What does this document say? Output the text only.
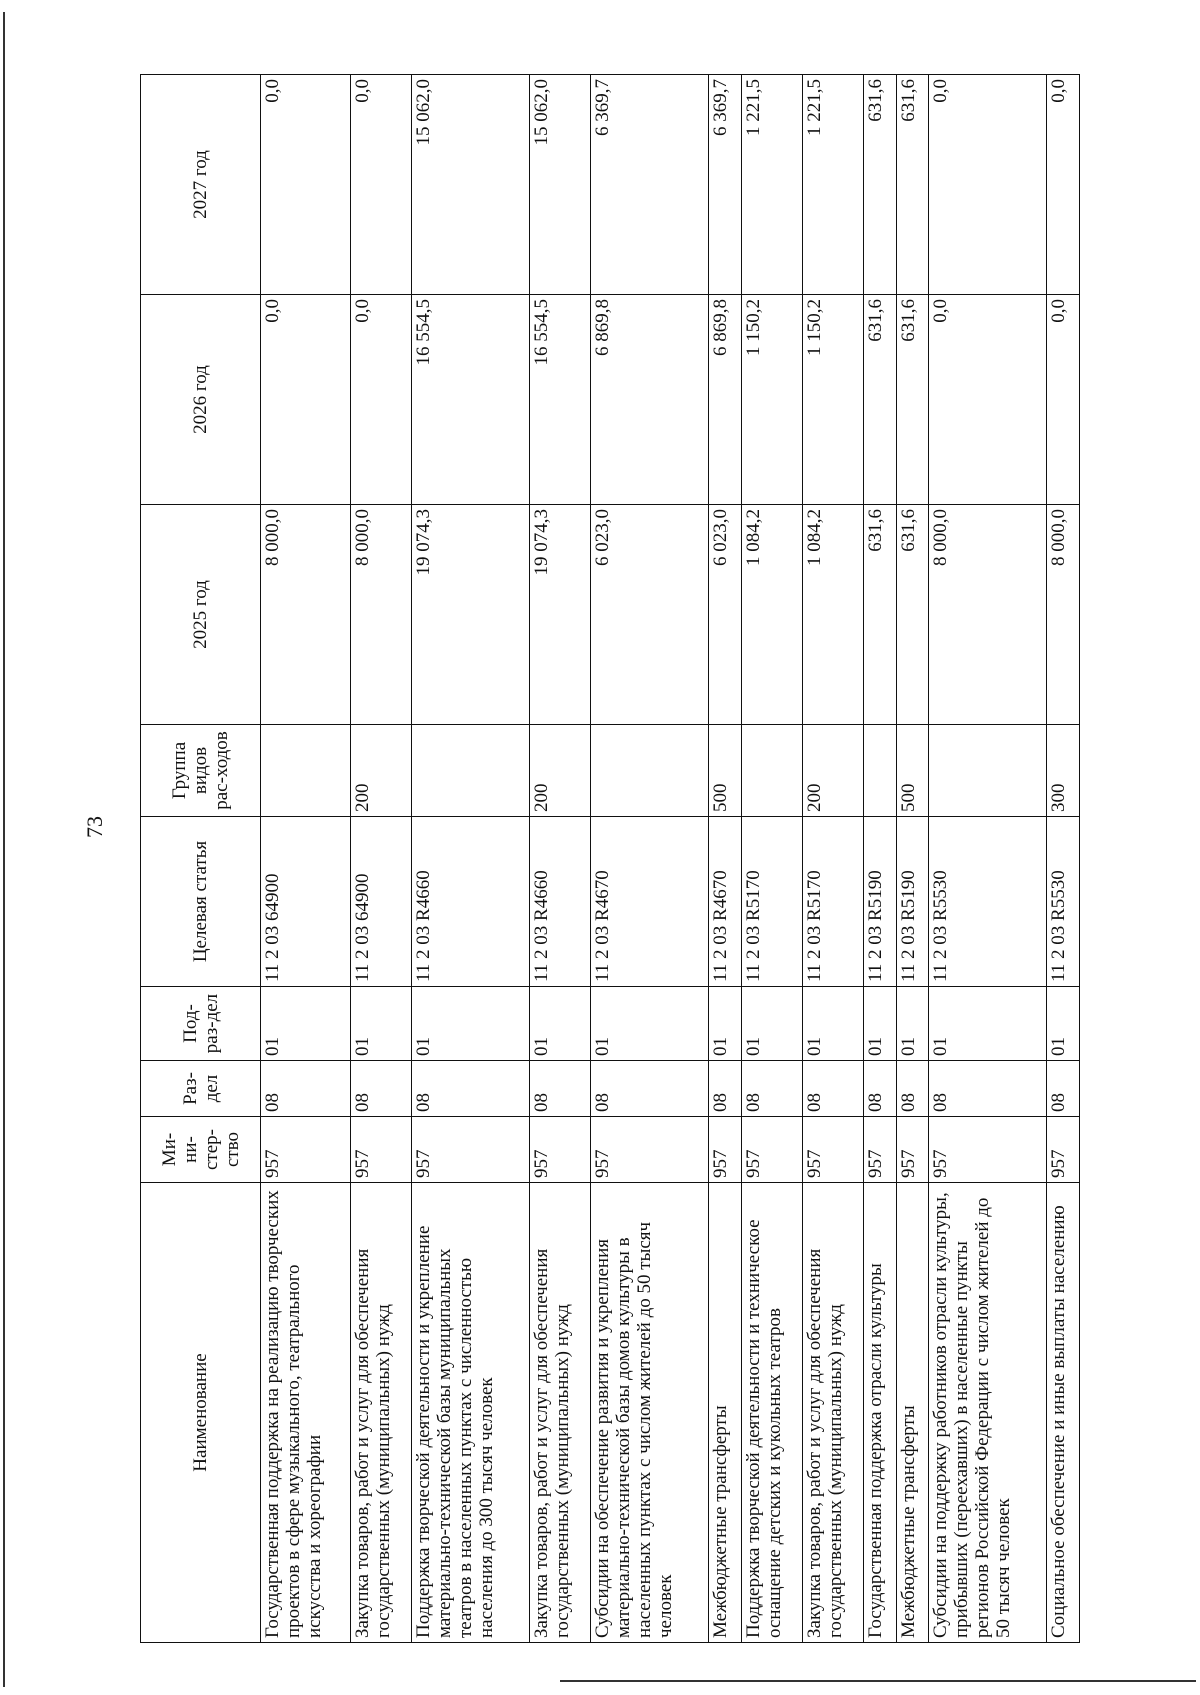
73
Наименование	Ми-ни-стер-ство	Раз-дел	Под-раз-дел	Целевая статья	Группа видов рас-ходов	2025 год	2026 год	2027 год
Государственная поддержка на реализацию творческих проектов в сфере музыкального, театрального искусства и хореографии	957	08	01	11 2 03 64900		8 000,0	0,0	0,0
Закупка товаров, работ и услуг для обеспечения государственных (муниципальных) нужд	957	08	01	11 2 03 64900	200	8 000,0	0,0	0,0
Поддержка творческой деятельности и укрепление материально-технической базы муниципальных театров в населенных пунктах с численностью населения до 300 тысяч человек	957	08	01	11 2 03 R4660		19 074,3	16 554,5	15 062,0
Закупка товаров, работ и услуг для обеспечения государственных (муниципальных) нужд	957	08	01	11 2 03 R4660	200	19 074,3	16 554,5	15 062,0
Субсидии на обеспечение развития и укрепления материально-технической базы домов культуры в населенных пунктах с числом жителей до 50 тысяч человек	957	08	01	11 2 03 R4670		6 023,0	6 869,8	6 369,7
Межбюджетные трансферты	957	08	01	11 2 03 R4670	500	6 023,0	6 869,8	6 369,7
Поддержка творческой деятельности и техническое оснащение детских и кукольных театров	957	08	01	11 2 03 R5170		1 084,2	1 150,2	1 221,5
Закупка товаров, работ и услуг для обеспечения государственных (муниципальных) нужд	957	08	01	11 2 03 R5170	200	1 084,2	1 150,2	1 221,5
Государственная поддержка отрасли культуры	957	08	01	11 2 03 R5190		631,6	631,6	631,6
Межбюджетные трансферты	957	08	01	11 2 03 R5190	500	631,6	631,6	631,6
Субсидии на поддержку работников отрасли культуры, прибывших (переехавших) в населенные пункты регионов Российской Федерации с числом жителей до 50 тысяч человек	957	08	01	11 2 03 R5530		8 000,0	0,0	0,0
Социальное обеспечение и иные выплаты населению	957	08	01	11 2 03 R5530	300	8 000,0	0,0	0,0
